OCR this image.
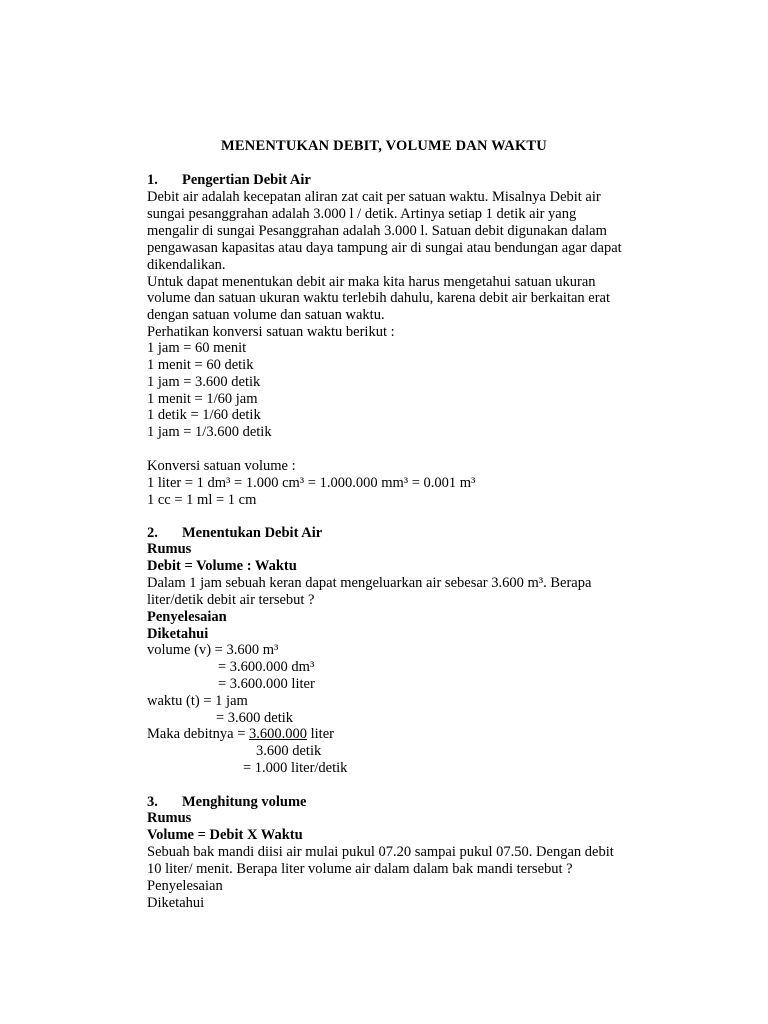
MENENTUKAN DEBIT, VOLUME DAN WAKTU
1. Pengertian Debit Air
Debit air adalah kecepatan aliran zat cait per satuan waktu. Misalnya Debit air
sungai pesanggrahan adalah 3.000 l / detik. Artinya setiap 1 detik air yang
mengalir di sungai Pesanggrahan adalah 3.000 l. Satuan debit digunakan dalam
pengawasan kapasitas atau daya tampung air di sungai atau bendungan agar dapat
dikendalikan.
Untuk dapat menentukan debit air maka kita harus mengetahui satuan ukuran
volume dan satuan ukuran waktu terlebih dahulu, karena debit air berkaitan erat
dengan satuan volume dan satuan waktu.
Perhatikan konversi satuan waktu berikut :
1 jam = 60 menit
1 menit = 60 detik
1 jam = 3.600 detik
1 menit = 1/60 jam
1 detik = 1/60 detik
1 jam = 1/3.600 detik
Konversi satuan volume :
1 liter = 1 dm³ = 1.000 cm³ = 1.000.000 mm³ = 0.001 m³
1 cc = 1 ml = 1 cm
2. Menentukan Debit Air
Rumus
Debit = Volume : Waktu
Dalam 1 jam sebuah keran dapat mengeluarkan air sebesar 3.600 m³. Berapa
liter/detik debit air tersebut ?
Penyelesaian
Diketahui
volume (v) = 3.600 m³
= 3.600.000 dm³
= 3.600.000 liter
waktu (t) = 1 jam
= 3.600 detik
Maka debitnya = 3.600.000 liter
3.600 detik
= 1.000 liter/detik
3. Menghitung volume
Rumus
Volume = Debit X Waktu
Sebuah bak mandi diisi air mulai pukul 07.20 sampai pukul 07.50. Dengan debit
10 liter/ menit. Berapa liter volume air dalam dalam bak mandi tersebut ?
Penyelesaian
Diketahui
